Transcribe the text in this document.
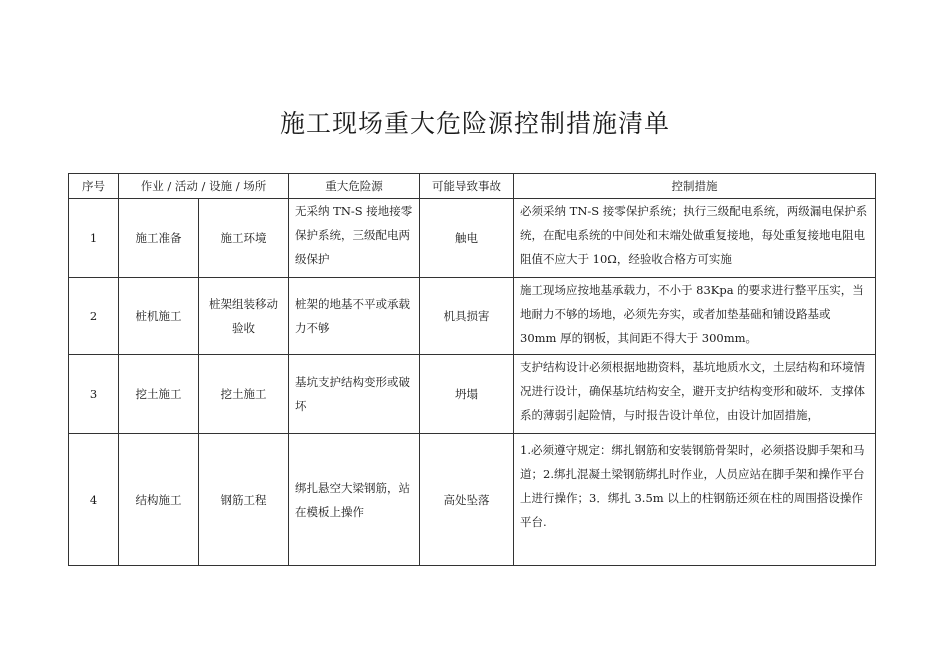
施工现场重大危险源控制措施清单
序号	作业 / 活动 / 设施 / 场所		重大危险源	可能导致事故	控制措施
1	施工准备	施工环境	无采纳 TN-S 接地接零保护系统，三级配电两级保护	触电	必须采纳 TN-S 接零保护系统；执行三级配电系统，两级漏电保护系统，在配电系统的中间处和末端处做重复接地，每处重复接地电阻电阻值不应大于 10Ω，经验收合格方可实施
2	桩机施工	桩架组装移动验收	桩架的地基不平或承载力不够	机具损害	施工现场应按地基承载力，不小于 83Kpa 的要求进行整平压实，当地耐力不够的场地，必须先夯实，或者加垫基础和铺设路基或 30mm 厚的钢板，其间距不得大于 300mm。
3	挖土施工	挖土施工	基坑支护结构变形或破坏	坍塌	支护结构设计必须根据地勘资料，基坑地质水文，土层结构和环境情况进行设计，确保基坑结构安全，避开支护结构变形和破坏．支撑体系的薄弱引起险情，与时报告设计单位，由设计加固措施，
4	结构施工	钢筋工程	绑扎悬空大梁钢筋，站在模板上操作	高处坠落	1.必须遵守规定：绑扎钢筋和安装钢筋骨架时，必须搭设脚手架和马道；2.绑扎混凝土梁钢筋绑扎时作业，人员应站在脚手架和操作平台上进行操作；3．绑扎 3.5m 以上的柱钢筋还须在柱的周围搭设操作平台.
